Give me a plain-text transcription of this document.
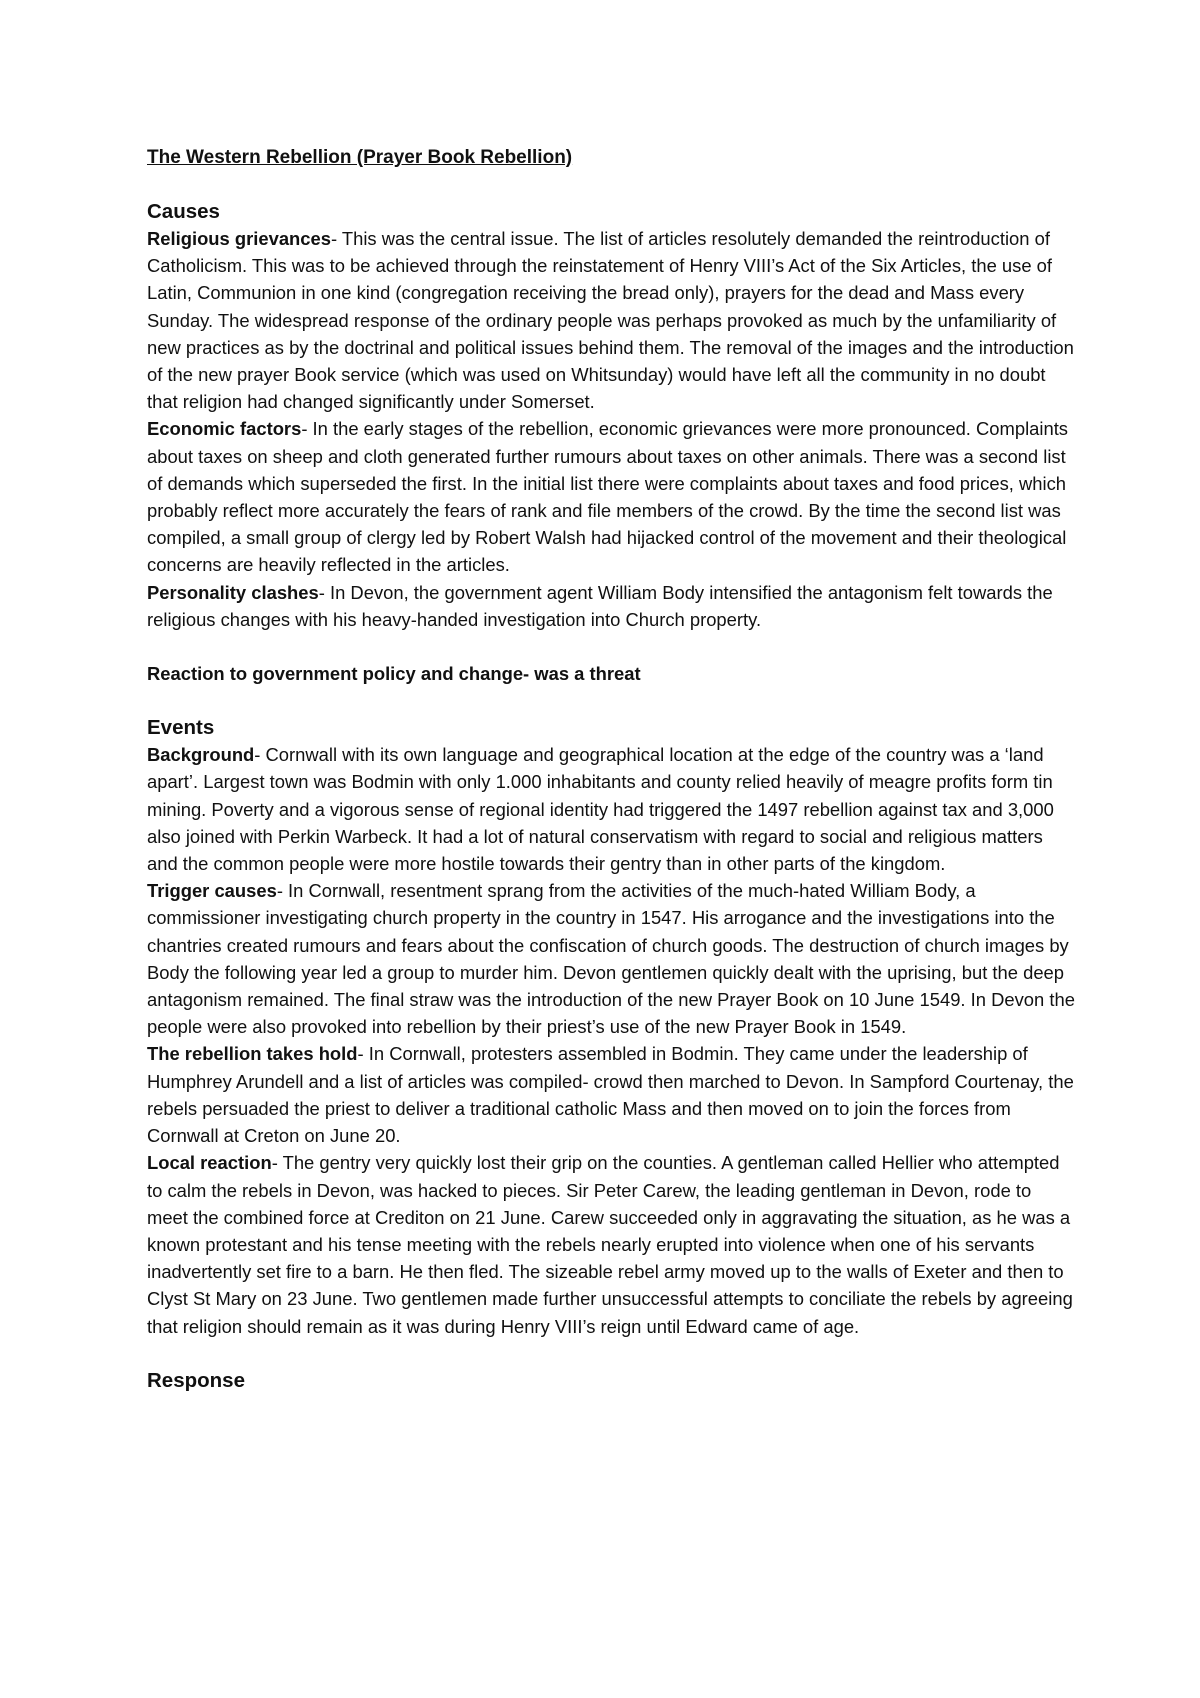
The Western Rebellion (Prayer Book Rebellion)
Causes

Religious grievances- This was the central issue. The list of articles resolutely demanded the reintroduction of Catholicism. This was to be achieved through the reinstatement of Henry VIII’s Act of the Six Articles, the use of Latin, Communion in one kind (congregation receiving the bread only), prayers for the dead and Mass every Sunday. The widespread response of the ordinary people was perhaps provoked as much by the unfamiliarity of new practices as by the doctrinal and political issues behind them. The removal of the images and the introduction of the new prayer Book service (which was used on Whitsunday) would have left all the community in no doubt that religion had changed significantly under Somerset.

Economic factors- In the early stages of the rebellion, economic grievances were more pronounced. Complaints about taxes on sheep and cloth generated further rumours about taxes on other animals. There was a second list of demands which superseded the first. In the initial list there were complaints about taxes and food prices, which probably reflect more accurately the fears of rank and file members of the crowd. By the time the second list was compiled, a small group of clergy led by Robert Walsh had hijacked control of the movement and their theological concerns are heavily reflected in the articles.

Personality clashes- In Devon, the government agent William Body intensified the antagonism felt towards the religious changes with his heavy-handed investigation into Church property.

Reaction to government policy and change- was a threat

Events

Background- Cornwall with its own language and geographical location at the edge of the country was a ‘land apart’. Largest town was Bodmin with only 1.000 inhabitants and county relied heavily of meagre profits form tin mining. Poverty and a vigorous sense of regional identity had triggered the 1497 rebellion against tax and 3,000 also joined with Perkin Warbeck. It had a lot of natural conservatism with regard to social and religious matters and the common people were more hostile towards their gentry than in other parts of the kingdom.

Trigger causes- In Cornwall, resentment sprang from the activities of the much-hated William Body, a commissioner investigating church property in the country in 1547. His arrogance and the investigations into the chantries created rumours and fears about the confiscation of church goods. The destruction of church images by Body the following year led a group to murder him. Devon gentlemen quickly dealt with the uprising, but the deep antagonism remained. The final straw was the introduction of the new Prayer Book on 10 June 1549. In Devon the people were also provoked into rebellion by their priest’s use of the new Prayer Book in 1549.

The rebellion takes hold- In Cornwall, protesters assembled in Bodmin. They came under the leadership of Humphrey Arundell and a list of articles was compiled- crowd then marched to Devon. In Sampford Courtenay, the rebels persuaded the priest to deliver a traditional catholic Mass and then moved on to join the forces from Cornwall at Creton on June 20.

Local reaction- The gentry very quickly lost their grip on the counties. A gentleman called Hellier who attempted to calm the rebels in Devon, was hacked to pieces. Sir Peter Carew, the leading gentleman in Devon, rode to meet the combined force at Crediton on 21 June. Carew succeeded only in aggravating the situation, as he was a known protestant and his tense meeting with the rebels nearly erupted into violence when one of his servants inadvertently set fire to a barn. He then fled. The sizeable rebel army moved up to the walls of Exeter and then to Clyst St Mary on 23 June. Two gentlemen made further unsuccessful attempts to conciliate the rebels by agreeing that religion should remain as it was during Henry VIII’s reign until Edward came of age.

Response
